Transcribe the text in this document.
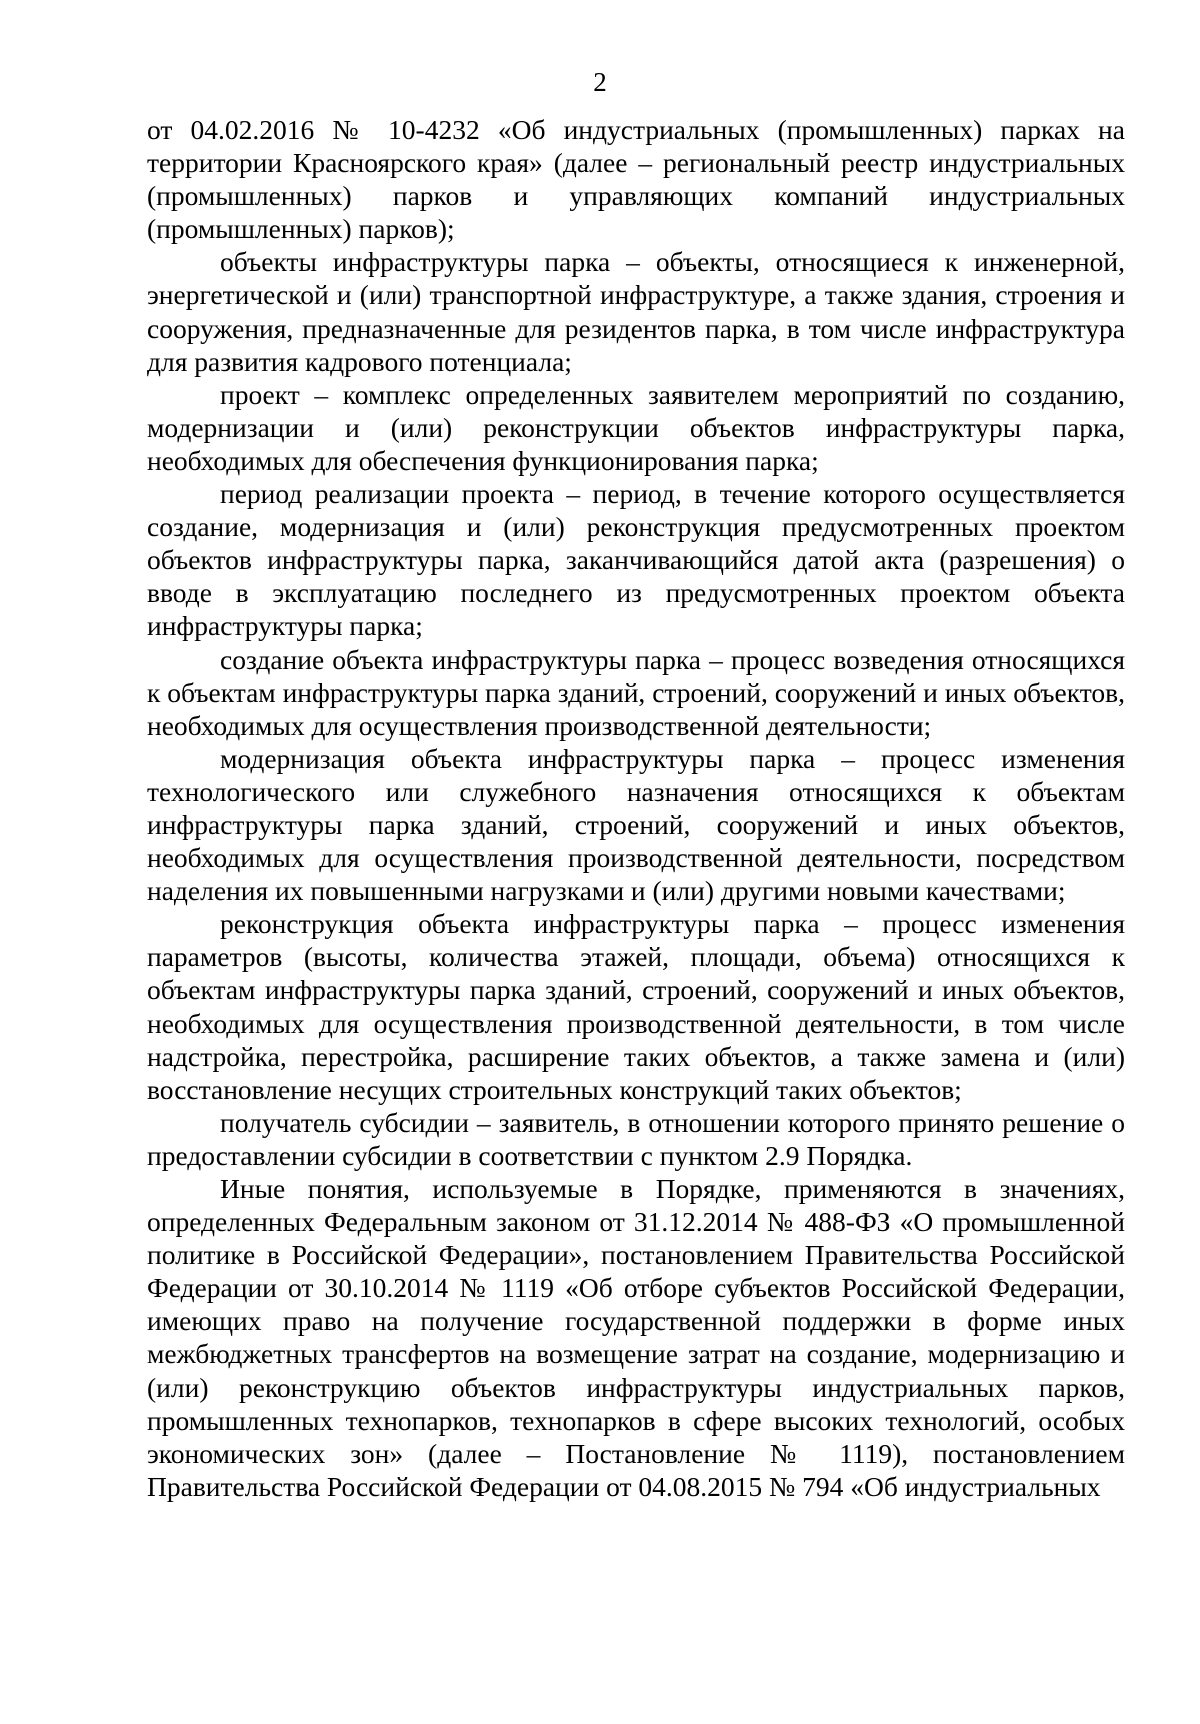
2

от 04.02.2016 № 10-4232 «Об индустриальных (промышленных) парках на территории Красноярского края» (далее – региональный реестр индустриальных (промышленных) парков и управляющих компаний индустриальных (промышленных) парков);

объекты инфраструктуры парка – объекты, относящиеся к инженерной, энергетической и (или) транспортной инфраструктуре, а также здания, строения и сооружения, предназначенные для резидентов парка, в том числе инфраструктура для развития кадрового потенциала;

проект – комплекс определенных заявителем мероприятий по созданию, модернизации и (или) реконструкции объектов инфраструктуры парка, необходимых для обеспечения функционирования парка;

период реализации проекта – период, в течение которого осуществляется создание, модернизация и (или) реконструкция предусмотренных проектом объектов инфраструктуры парка, заканчивающийся датой акта (разрешения) о вводе в эксплуатацию последнего из предусмотренных проектом объекта инфраструктуры парка;

создание объекта инфраструктуры парка – процесс возведения относящихся к объектам инфраструктуры парка зданий, строений, сооружений и иных объектов, необходимых для осуществления производственной деятельности;

модернизация объекта инфраструктуры парка – процесс изменения технологического или служебного назначения относящихся к объектам инфраструктуры парка зданий, строений, сооружений и иных объектов, необходимых для осуществления производственной деятельности, посредством наделения их повышенными нагрузками и (или) другими новыми качествами;

реконструкция объекта инфраструктуры парка – процесс изменения параметров (высоты, количества этажей, площади, объема) относящихся к объектам инфраструктуры парка зданий, строений, сооружений и иных объектов, необходимых для осуществления производственной деятельности, в том числе надстройка, перестройка, расширение таких объектов, а также замена и (или) восстановление несущих строительных конструкций таких объектов;

получатель субсидии – заявитель, в отношении которого принято решение о предоставлении субсидии в соответствии с пунктом 2.9 Порядка.

Иные понятия, используемые в Порядке, применяются в значениях, определенных Федеральным законом от 31.12.2014 № 488-ФЗ «О промышленной политике в Российской Федерации», постановлением Правительства Российской Федерации от 30.10.2014 № 1119 «Об отборе субъектов Российской Федерации, имеющих право на получение государственной поддержки в форме иных межбюджетных трансфертов на возмещение затрат на создание, модернизацию и (или) реконструкцию объектов инфраструктуры индустриальных парков, промышленных технопарков, технопарков в сфере высоких технологий, особых экономических зон» (далее – Постановление № 1119), постановлением Правительства Российской Федерации от 04.08.2015 № 794 «Об индустриальных
